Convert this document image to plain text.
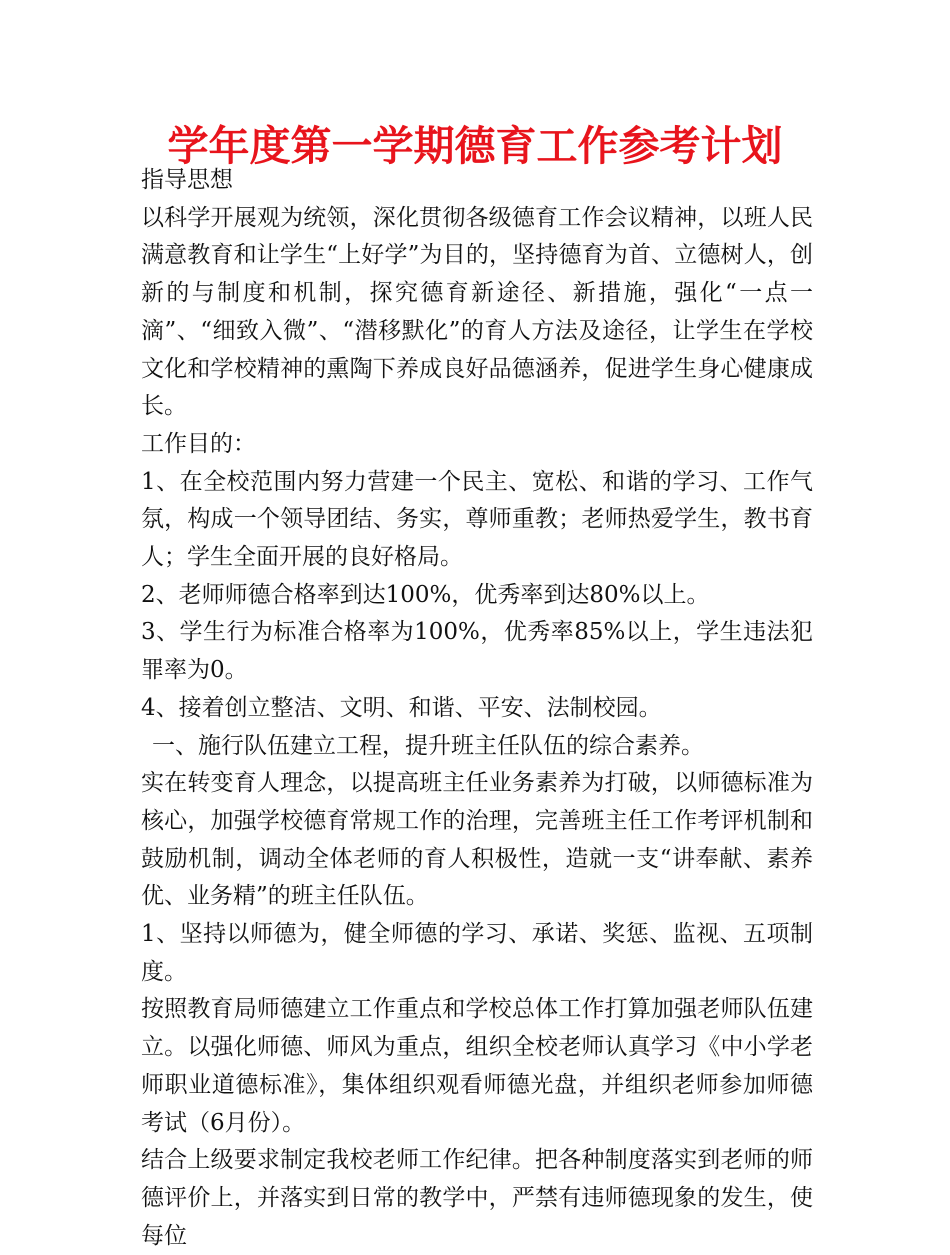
学年度第一学期德育工作参考计划

指导思想

以科学开展观为统领，深化贯彻各级德育工作会议精神，以班人民满意教育和让学生“上好学”为目的，坚持德育为首、立德树人，创新的与制度和机制，探究德育新途径、新措施，强化“一点一滴”、“细致入微”、“潜移默化”的育人方法及途径，让学生在学校文化和学校精神的熏陶下养成良好品德涵养，促进学生身心健康成长。

工作目的：

1、在全校范围内努力营建一个民主、宽松、和谐的学习、工作气氛，构成一个领导团结、务实，尊师重教；老师热爱学生，教书育人；学生全面开展的良好格局。

2、老师师德合格率到达100%，优秀率到达80%以上。

3、学生行为标准合格率为100%，优秀率85%以上，学生违法犯罪率为0。

4、接着创立整洁、文明、和谐、平安、法制校园。

一、施行队伍建立工程，提升班主任队伍的综合素养。

实在转变育人理念，以提高班主任业务素养为打破，以师德标准为核心，加强学校德育常规工作的治理，完善班主任工作考评机制和鼓励机制，调动全体老师的育人积极性，造就一支“讲奉献、素养优、业务精”的班主任队伍。

1、坚持以师德为，健全师德的学习、承诺、奖惩、监视、五项制度。

按照教育局师德建立工作重点和学校总体工作打算加强老师队伍建立。以强化师德、师风为重点，组织全校老师认真学习《中小学老师职业道德标准》，集体组织观看师德光盘，并组织老师参加师德考试（6月份）。

结合上级要求制定我校老师工作纪律。把各种制度落实到老师的师德评价上，并落实到日常的教学中，严禁有违师德现象的发生，使每位
